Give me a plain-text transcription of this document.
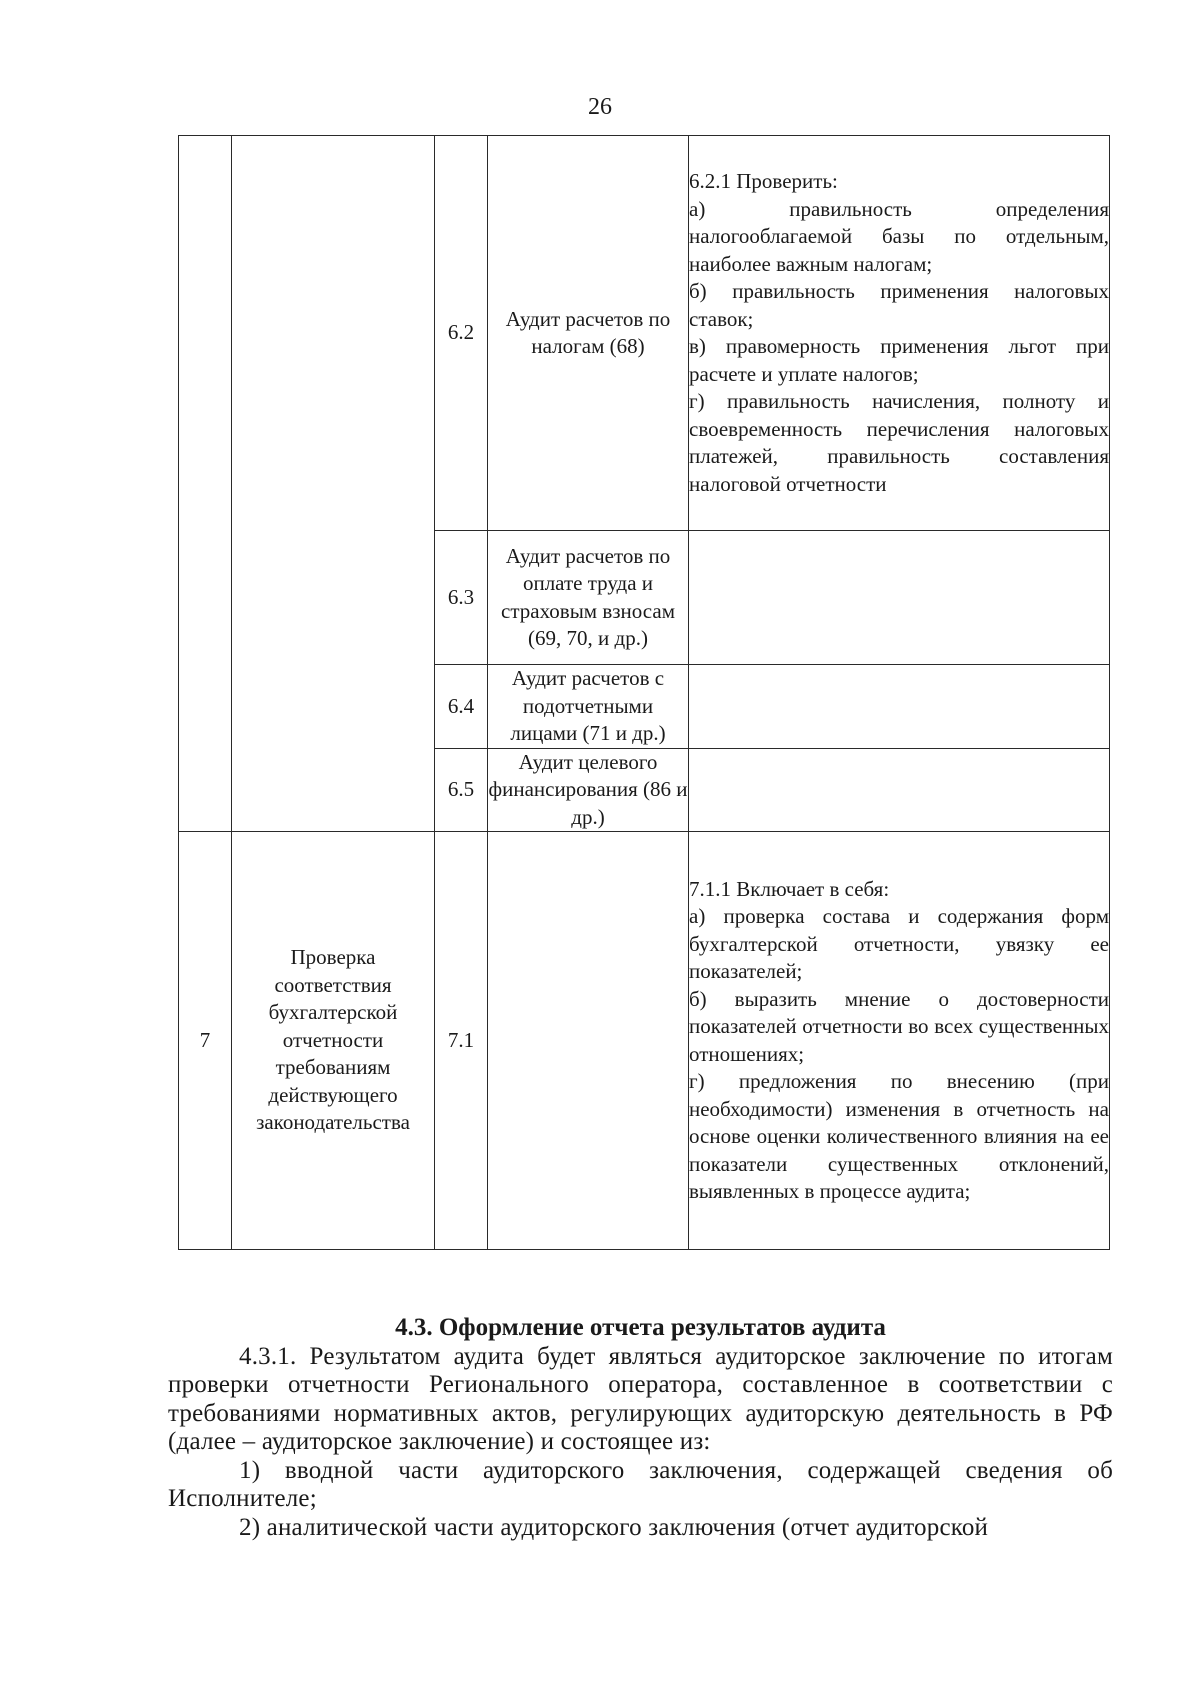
26
		6.2	Аудит расчетов по налогам (68)	6.2.1 Проверить:
а) правильность определения налогооблагаемой базы по отдельным, наиболее важным налогам;
б) правильность применения налоговых ставок;
в) правомерность применения льгот при расчете и уплате налогов;
г) правильность начисления, полноту и своевременность перечисления налоговых платежей, правильность составления налоговой отчетности

		6.3	Аудит расчетов по оплате труда и страховым взносам (69, 70, и др.)	
		6.4	Аудит расчетов с подотчетными лицами (71 и др.)	
		6.5	Аудит целевого финансирования (86 и др.)	
7	Проверка соответствия бухгалтерской отчетности требованиям действующего законодательства	7.1		7.1.1 Включает в себя:
а) проверка состава и содержания форм бухгалтерской отчетности, увязку ее показателей;
б) выразить мнение о достоверности показателей отчетности во всех существенных отношениях;
г) предложения по внесению (при необходимости) изменения в отчетность на основе оценки количественного влияния на ее показатели существенных отклонений, выявленных в процессе аудита;

4.3. Оформление отчета результатов аудита

4.3.1. Результатом аудита будет являться аудиторское заключение по итогам проверки отчетности Регионального оператора, составленное в соответствии с требованиями нормативных актов, регулирующих аудиторскую деятельность в РФ (далее – аудиторское заключение) и состоящее из:

1) вводной части аудиторского заключения, содержащей сведения об Исполнителе;

2) аналитической части аудиторского заключения (отчет аудиторской
